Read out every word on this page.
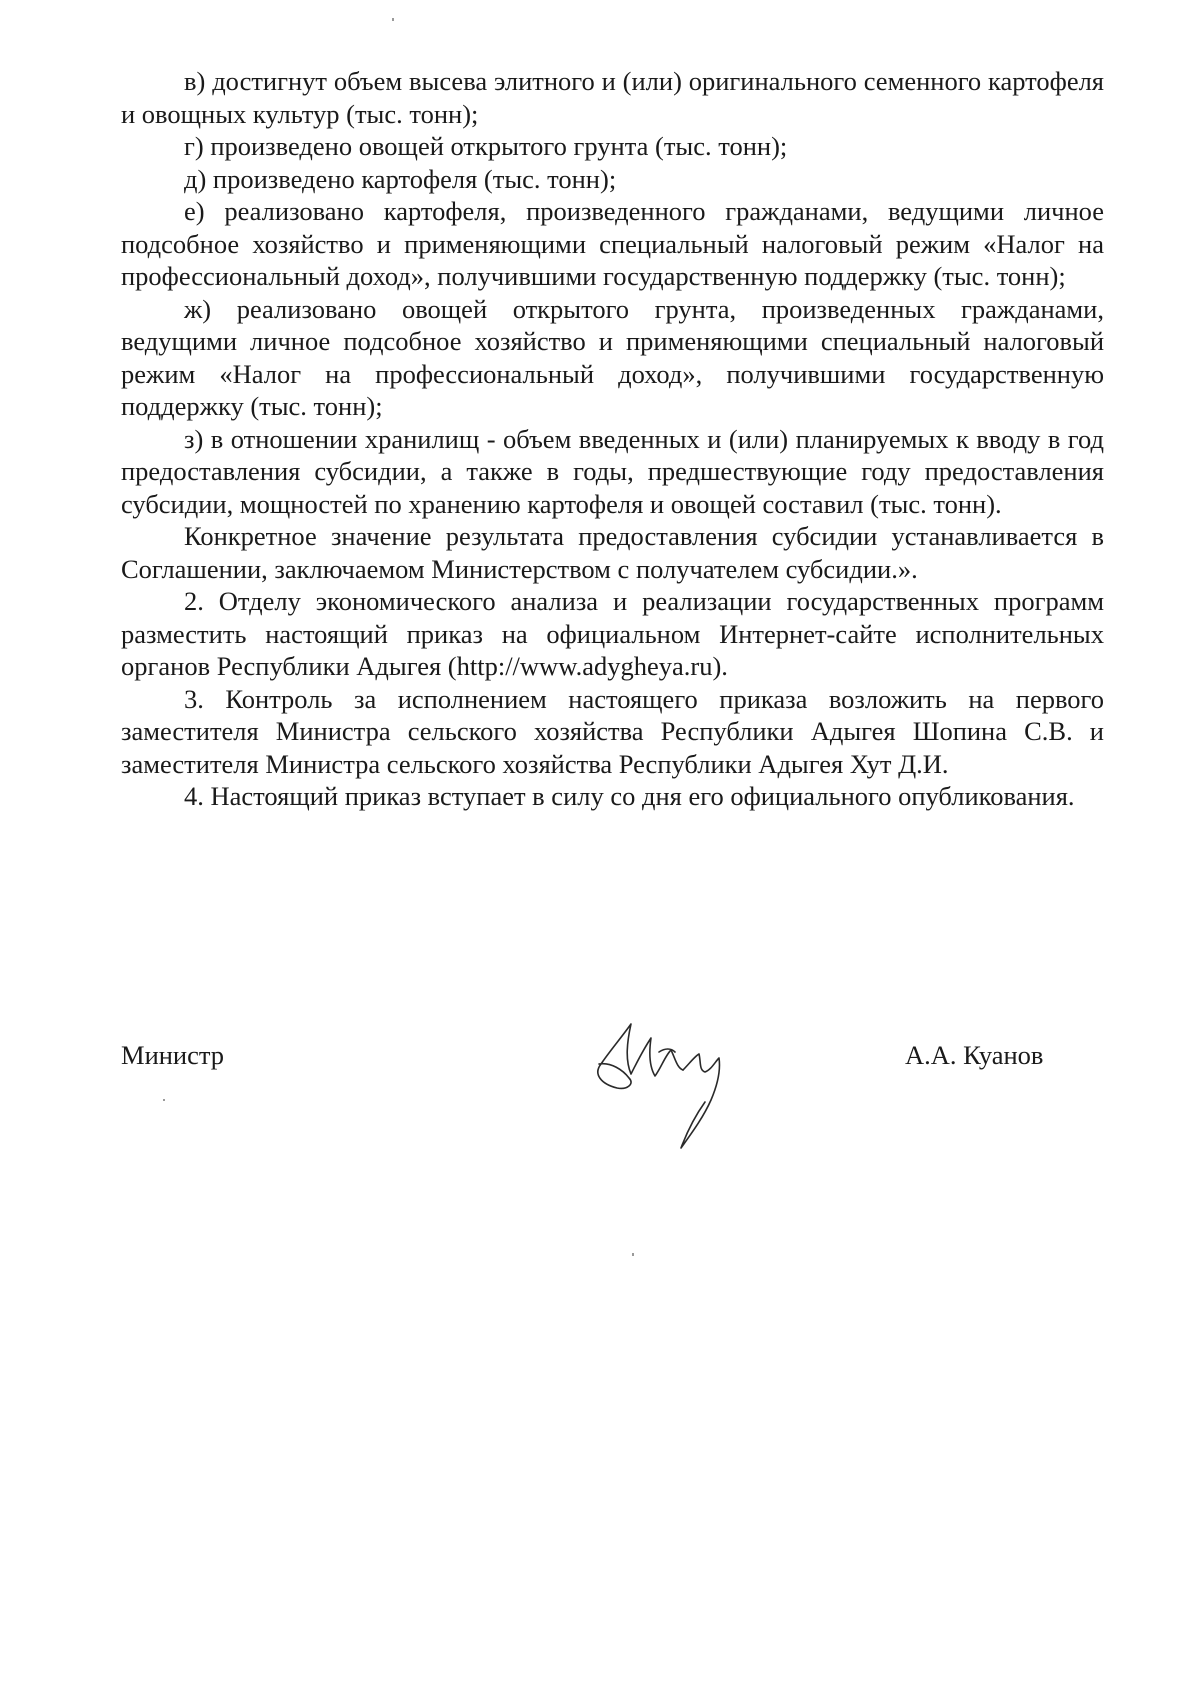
в) достигнут объем высева элитного и (или) оригинального семенного картофеля и овощных культур (тыс. тонн);

г) произведено овощей открытого грунта (тыс. тонн);

д) произведено картофеля (тыс. тонн);

е) реализовано картофеля, произведенного гражданами, ведущими личное подсобное хозяйство и применяющими специальный налоговый режим «Налог на профессиональный доход», получившими государственную поддержку (тыс. тонн);

ж) реализовано овощей открытого грунта, произведенных гражданами, ведущими личное подсобное хозяйство и применяющими специальный налоговый режим «Налог на профессиональный доход», получившими государственную поддержку (тыс. тонн);

з) в отношении хранилищ - объем введенных и (или) планируемых к вводу в год предоставления субсидии, а также в годы, предшествующие году предоставления субсидии, мощностей по хранению картофеля и овощей составил (тыс. тонн).

Конкретное значение результата предоставления субсидии устанавливается в Соглашении, заключаемом Министерством с получателем субсидии.».

2. Отделу экономического анализа и реализации государственных программ разместить настоящий приказ на официальном Интернет-сайте исполнительных органов Республики Адыгея (http://www.adygheya.ru).

3. Контроль за исполнением настоящего приказа возложить на первого заместителя Министра сельского хозяйства Республики Адыгея Шопина С.В. и заместителя Министра сельского хозяйства Республики Адыгея Хут Д.И.

4. Настоящий приказ вступает в силу со дня его официального опубликования.

Министр	А.А. Куанов
